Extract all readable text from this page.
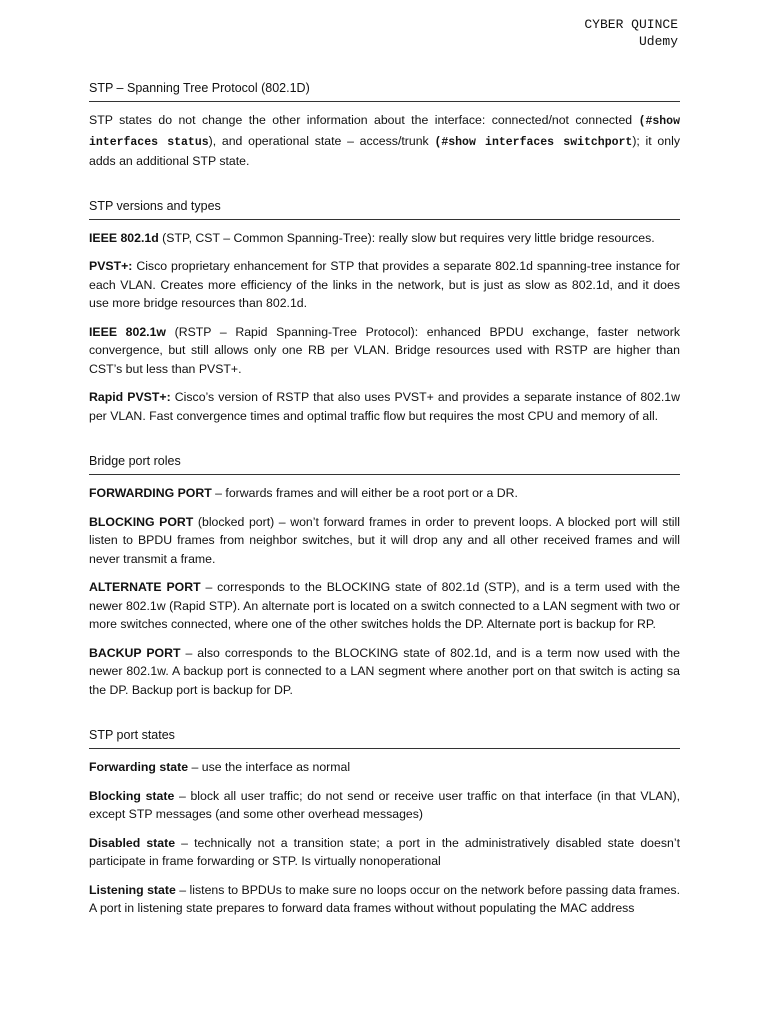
CYBER QUINCE
Udemy
STP – Spanning Tree Protocol (802.1D)

STP states do not change the other information about the interface: connected/not connected (#show interfaces status), and operational state – access/trunk (#show interfaces switchport); it only adds an additional STP state.

STP versions and types

IEEE 802.1d (STP, CST – Common Spanning-Tree): really slow but requires very little bridge resources.

PVST+: Cisco proprietary enhancement for STP that provides a separate 802.1d spanning-tree instance for each VLAN. Creates more efficiency of the links in the network, but is just as slow as 802.1d, and it does use more bridge resources than 802.1d.

IEEE 802.1w (RSTP – Rapid Spanning-Tree Protocol): enhanced BPDU exchange, faster network convergence, but still allows only one RB per VLAN. Bridge resources used with RSTP are higher than CST’s but less than PVST+.

Rapid PVST+: Cisco’s version of RSTP that also uses PVST+ and provides a separate instance of 802.1w per VLAN. Fast convergence times and optimal traffic flow but requires the most CPU and memory of all.

Bridge port roles

FORWARDING PORT – forwards frames and will either be a root port or a DR.

BLOCKING PORT (blocked port) – won’t forward frames in order to prevent loops. A blocked port will still listen to BPDU frames from neighbor switches, but it will drop any and all other received frames and will never transmit a frame.

ALTERNATE PORT – corresponds to the BLOCKING state of 802.1d (STP), and is a term used with the newer 802.1w (Rapid STP). An alternate port is located on a switch connected to a LAN segment with two or more switches connected, where one of the other switches holds the DP. Alternate port is backup for RP.

BACKUP PORT – also corresponds to the BLOCKING state of 802.1d, and is a term now used with the newer 802.1w. A backup port is connected to a LAN segment where another port on that switch is acting sa the DP. Backup port is backup for DP.

STP port states

Forwarding state – use the interface as normal

Blocking state – block all user traffic; do not send or receive user traffic on that interface (in that VLAN), except STP messages (and some other overhead messages)

Disabled state – technically not a transition state; a port in the administratively disabled state doesn’t participate in frame forwarding or STP. Is virtually nonoperational

Listening state – listens to BPDUs to make sure no loops occur on the network before passing data frames. A port in listening state prepares to forward data frames without without populating the MAC address
